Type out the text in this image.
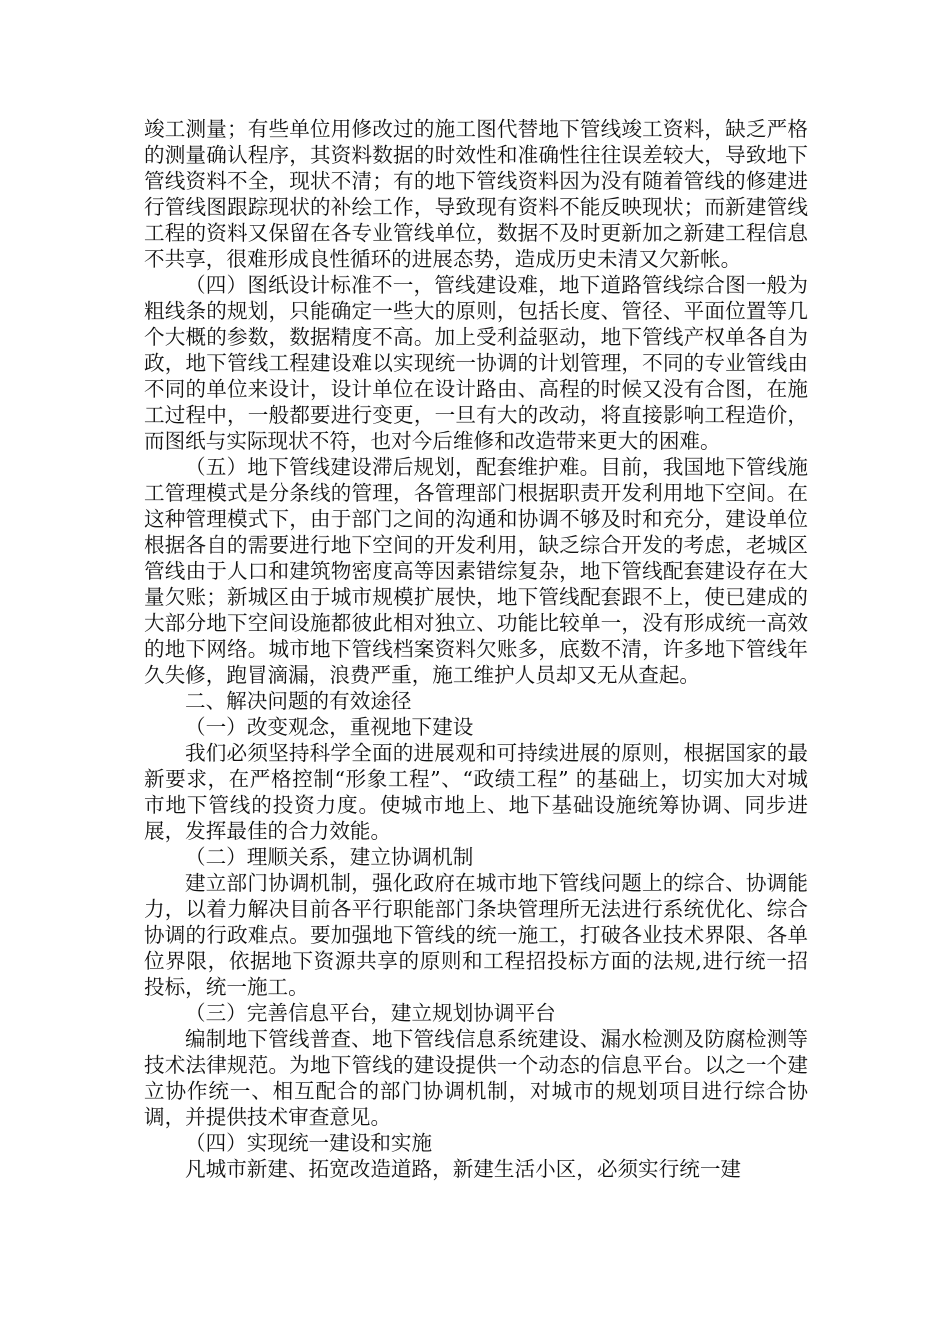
竣工测量；有些单位用修改过的施工图代替地下管线竣工资料，缺乏严格的测量确认程序，其资料数据的时效性和准确性往往误差较大，导致地下管线资料不全，现状不清；有的地下管线资料因为没有随着管线的修建进行管线图跟踪现状的补绘工作，导致现有资料不能反映现状；而新建管线工程的资料又保留在各专业管线单位，数据不及时更新加之新建工程信息不共享，很难形成良性循环的进展态势，造成历史未清又欠新帐。

（四）图纸设计标准不一，管线建设难，地下道路管线综合图一般为粗线条的规划，只能确定一些大的原则，包括长度、管径、平面位置等几个大概的参数，数据精度不高。加上受利益驱动，地下管线产权单各自为政，地下管线工程建设难以实现统一协调的计划管理，不同的专业管线由不同的单位来设计，设计单位在设计路由、高程的时候又没有合图，在施工过程中，一般都要进行变更，一旦有大的改动，将直接影响工程造价，而图纸与实际现状不符，也对今后维修和改造带来更大的困难。

（五）地下管线建设滞后规划，配套维护难。目前，我国地下管线施工管理模式是分条线的管理，各管理部门根据职责开发利用地下空间。在这种管理模式下，由于部门之间的沟通和协调不够及时和充分，建设单位根据各自的需要进行地下空间的开发利用，缺乏综合开发的考虑，老城区管线由于人口和建筑物密度高等因素错综复杂，地下管线配套建设存在大量欠账；新城区由于城市规模扩展快，地下管线配套跟不上，使已建成的大部分地下空间设施都彼此相对独立、功能比较单一，没有形成统一高效的地下网络。城市地下管线档案资料欠账多，底数不清，许多地下管线年久失修，跑冒滴漏，浪费严重，施工维护人员却又无从查起。

二、解决问题的有效途径

（一）改变观念，重视地下建设

我们必须坚持科学全面的进展观和可持续进展的原则，根据国家的最新要求，在严格控制“形象工程”、“政绩工程” 的基础上，切实加大对城市地下管线的投资力度。使城市地上、地下基础设施统筹协调、同步进展，发挥最佳的合力效能。

（二）理顺关系，建立协调机制

建立部门协调机制，强化政府在城市地下管线问题上的综合、协调能力，以着力解决目前各平行职能部门条块管理所无法进行系统优化、综合协调的行政难点。要加强地下管线的统一施工，打破各业技术界限、各单位界限，依据地下资源共享的原则和工程招投标方面的法规,进行统一招投标，统一施工。

（三）完善信息平台，建立规划协调平台

编制地下管线普查、地下管线信息系统建设、漏水检测及防腐检测等技术法律规范。为地下管线的建设提供一个动态的信息平台。以之一个建立协作统一、相互配合的部门协调机制，对城市的规划项目进行综合协调，并提供技术审查意见。

（四）实现统一建设和实施

凡城市新建、拓宽改造道路，新建生活小区，必须实行统一建
